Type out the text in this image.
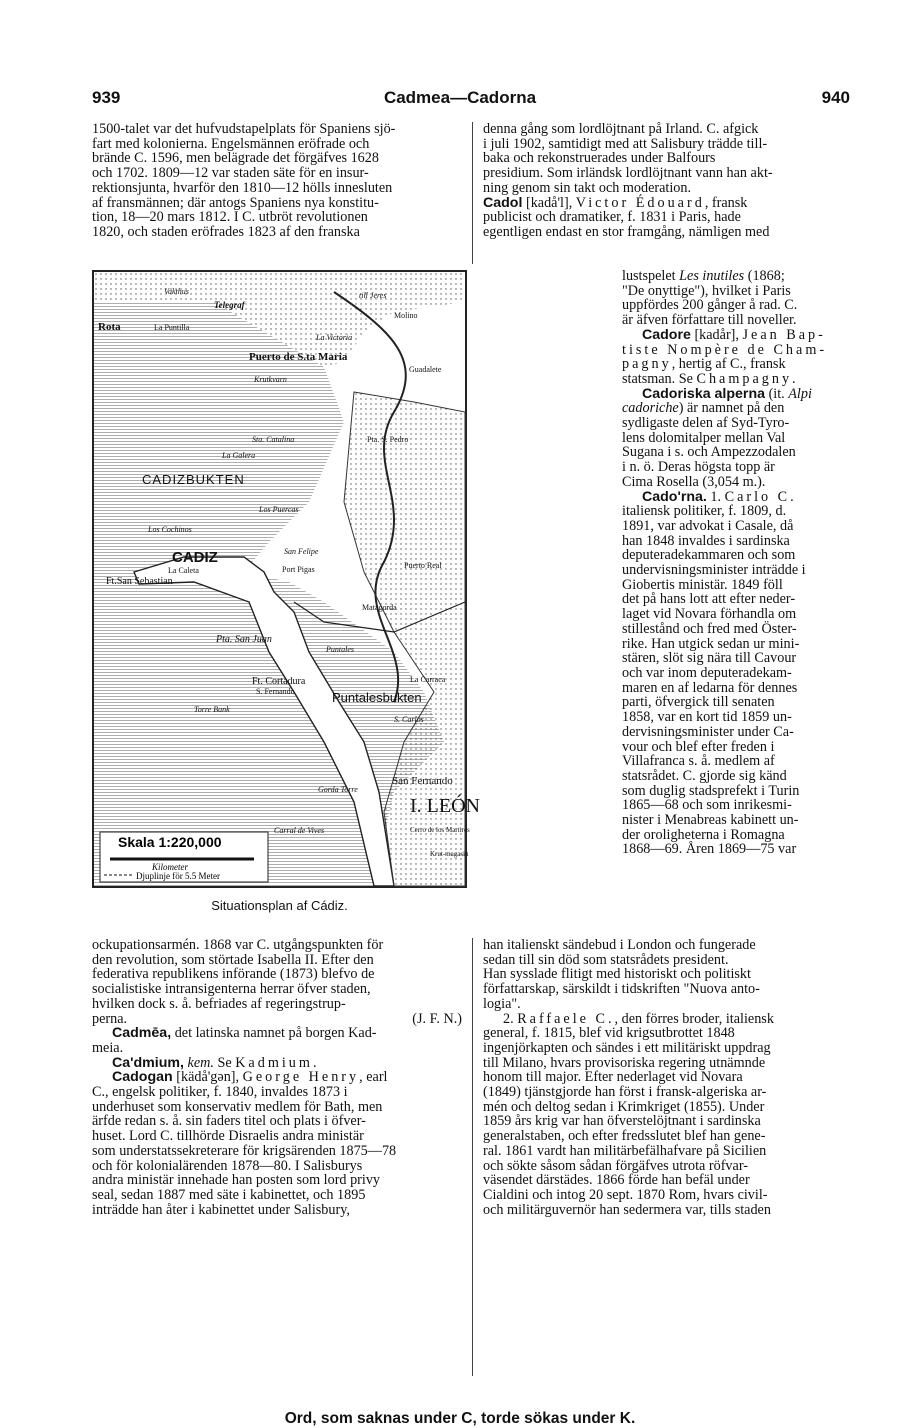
939	Cadmea—Cadorna	940

1500-talet var det hufvudstapelplats för Spaniens sjö-

fart med kolonierna. Engelsmännen eröfrade och

brände C. 1596, men belägrade det förgäfves 1628

och 1702. 1809—12 var staden säte för en insur-

rektionsjunta, hvarför den 1810—12 hölls innesluten

af fransmännen; där antogs Spaniens nya konstitu-

tion, 18—20 mars 1812. I C. utbröt revolutionen

1820, och staden eröfrades 1823 af den franska

denna gång som lordlöjtnant på Irland. C. afgick

i juli 1902, samtidigt med att Salisbury trädde till-

baka och rekonstruerades under Balfours

presidium. Som irländsk lordlöjtnant vann han akt-

ning genom sin takt och moderation.

Cadol [kadå'l], Victor Édouard, fransk

publicist och dramatiker, f. 1831 i Paris, hade

egentligen endast en stor framgång, nämligen med

lustspelet Les inutiles (1868;

"De onyttige"), hvilket i Paris

uppfördes 200 gånger å rad. C.

är äfven författare till noveller.

Cadore [kadår], Jean Bap-

tiste Nompère de Cham-

pagny, hertig af C., fransk

statsman. Se Champagny.

Cadoriska alperna (it. Alpi

cadoriche) är namnet på den

sydligaste delen af Syd-Tyro-

lens dolomitalper mellan Val

Sugana i s. och Ampezzodalen

i n. ö. Deras högsta topp är

Cima Rosella (3,054 m.).

Cado'rna. 1. Carlo C.

italiensk politiker, f. 1809, d.

1891, var advokat i Casale, då

han 1848 invaldes i sardinska

deputeradekammaren och som

undervisningsminister inträdde i

Giobertis ministär. 1849 föll

det på hans lott att efter neder-

laget vid Novara förhandla om

stillestånd och fred med Öster-

rike. Han utgick sedan ur mini-

stären, slöt sig nära till Cavour

och var inom deputeradekam-

maren en af ledarna för dennes

parti, öfvergick till senaten

1858, var en kort tid 1859 un-

dervisningsminister under Ca-

vour och blef efter freden i

Villafranca s. å. medlem af

statsrådet. C. gjorde sig känd

som duglig stadsprefekt i Turin

1865—68 och som inrikesmi-

nister i Menabreas kabinett un-

der oroligheterna i Romagna

1868—69. Åren 1869—75 var

Skala 1:220,000
Kilometer
Djuplinje för 5.5 Meter
Vakthus
Telegraf
Rota	La Puntilla
Puerto de S.ta Maria
Krutkvarn
La Victoria
till Jeres
Molino
Guadalete
Sta. Catalina
La Galera
Pta. S. Pedro
CADIZBUKTEN
Los Puercas
Los Cochinos
CADIZ
La Caleta
San Felipe
Ft.San Sebastian
Port Pigas	Puerto Real
Matagorda
Pta. San Juan
Puntales
Ft. Cortadura
S. Fernando	Puntalesbukten
La Carraca
Torre Bank
S. Carlos
San Fernando
Gorda Torre
I. LEÓN
Carral de Vives	Cerro de los Martires
Krut-magasin
Situationsplan af Cádiz.

ockupationsarmén. 1868 var C. utgångspunkten för

den revolution, som störtade Isabella II. Efter den

federativa republikens införande (1873) blefvo de

socialistiske intransigenterna herrar öfver staden,

hvilken dock s. å. befriades af regeringstrup-

perna.	(J. F. N.)

Cadmēa, det latinska namnet på borgen Kad-

meia.

Ca'dmium, kem. Se Kadmium.

Cadogan [kädå'gən], George Henry, earl

C., engelsk politiker, f. 1840, invaldes 1873 i

underhuset som konservativ medlem för Bath, men

ärfde redan s. å. sin faders titel och plats i öfver-

huset. Lord C. tillhörde Disraelis andra ministär

som understatssekreterare för krigsärenden 1875—78

och för kolonialärenden 1878—80. I Salisburys

andra ministär innehade han posten som lord privy

seal, sedan 1887 med säte i kabinettet, och 1895

inträdde han åter i kabinettet under Salisbury,

han italienskt sändebud i London och fungerade

sedan till sin död som statsrådets president.

Han sysslade flitigt med historiskt och politiskt

författarskap, särskildt i tidskriften "Nuova anto-

logia".

2. Raffaele C., den förres broder, italiensk

general, f. 1815, blef vid krigsutbrottet 1848

ingenjörkapten och sändes i ett militäriskt uppdrag

till Milano, hvars provisoriska regering utnämnde

honom till major. Efter nederlaget vid Novara

(1849) tjänstgjorde han först i fransk-algeriska ar-

mén och deltog sedan i Krimkriget (1855). Under

1859 års krig var han öfverstelöjtnant i sardinska

generalstaben, och efter fredsslutet blef han gene-

ral. 1861 vardt han militärbefälhafvare på Sicilien

och sökte såsom sådan förgäfves utrota röfvar-

väsendet därstädes. 1866 förde han befäl under

Cialdini och intog 20 sept. 1870 Rom, hvars civil-

och militärguvernör han sedermera var, tills staden

Ord, som saknas under C, torde sökas under K.
